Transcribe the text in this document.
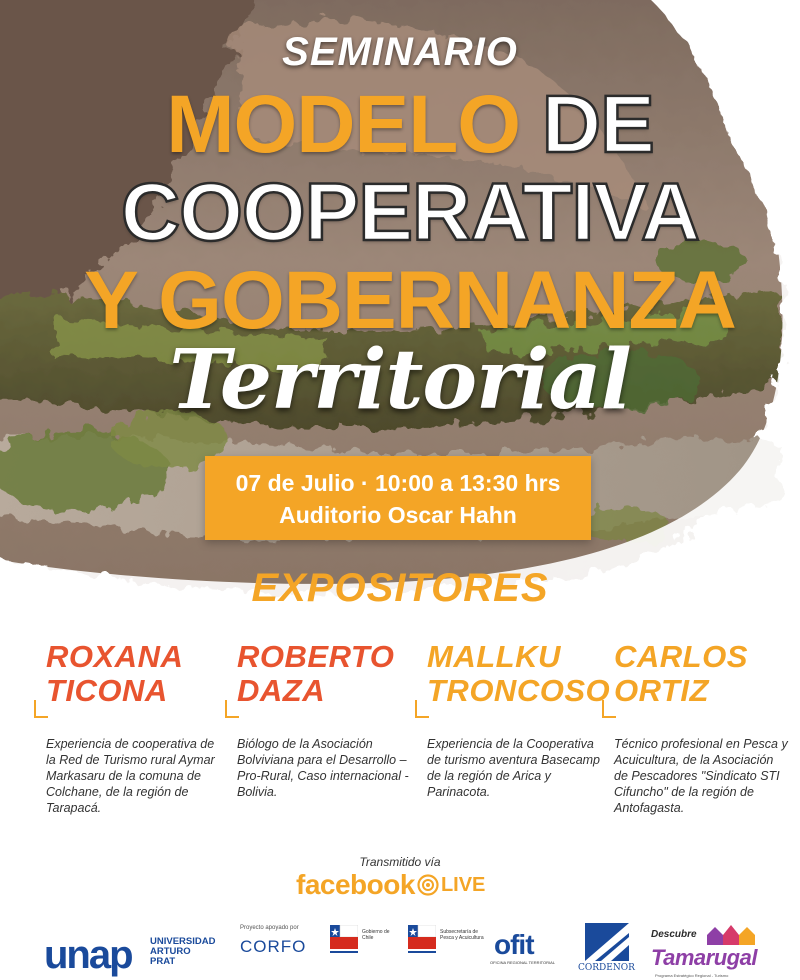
SEMINARIO
MODELO DE
COOPERATIVA
Y GOBERNANZA
Territorial
07 de Julio · 10:00 a 13:30 hrs
Auditorio Oscar Hahn
EXPOSITORES
ROXANA
TICONA
Experiencia de cooperativa de la Red de Turismo rural Aymar Markasaru de la comuna de Colchane, de la región de Tarapacá.
ROBERTO
DAZA
Biólogo de la Asociación Bolviviana para el Desarrollo – Pro-Rural, Caso internacional - Bolivia.
MALLKU
TRONCOSO
Experiencia de la Cooperativa de turismo aventura Basecamp de la región de Arica y Parinacota.
CARLOS
ORTIZ
Técnico profesional en Pesca y Acuicultura, de la Asociación de Pescadores "Sindicato STI Cifuncho" de la región de Antofagasta.
Transmitido vía
facebook LIVE
unap UNIVERSIDAD
ARTURO
PRAT
Proyecto apoyado por
CORFO
Gobierno de Chile
Subsecretaría de Pesca y Acuicultura ofit
OFICINA REGIONAL TERRITORIAL
CORDENOR
Descubre
Tamarugal
Programa Estratégico Regional - Turismo
